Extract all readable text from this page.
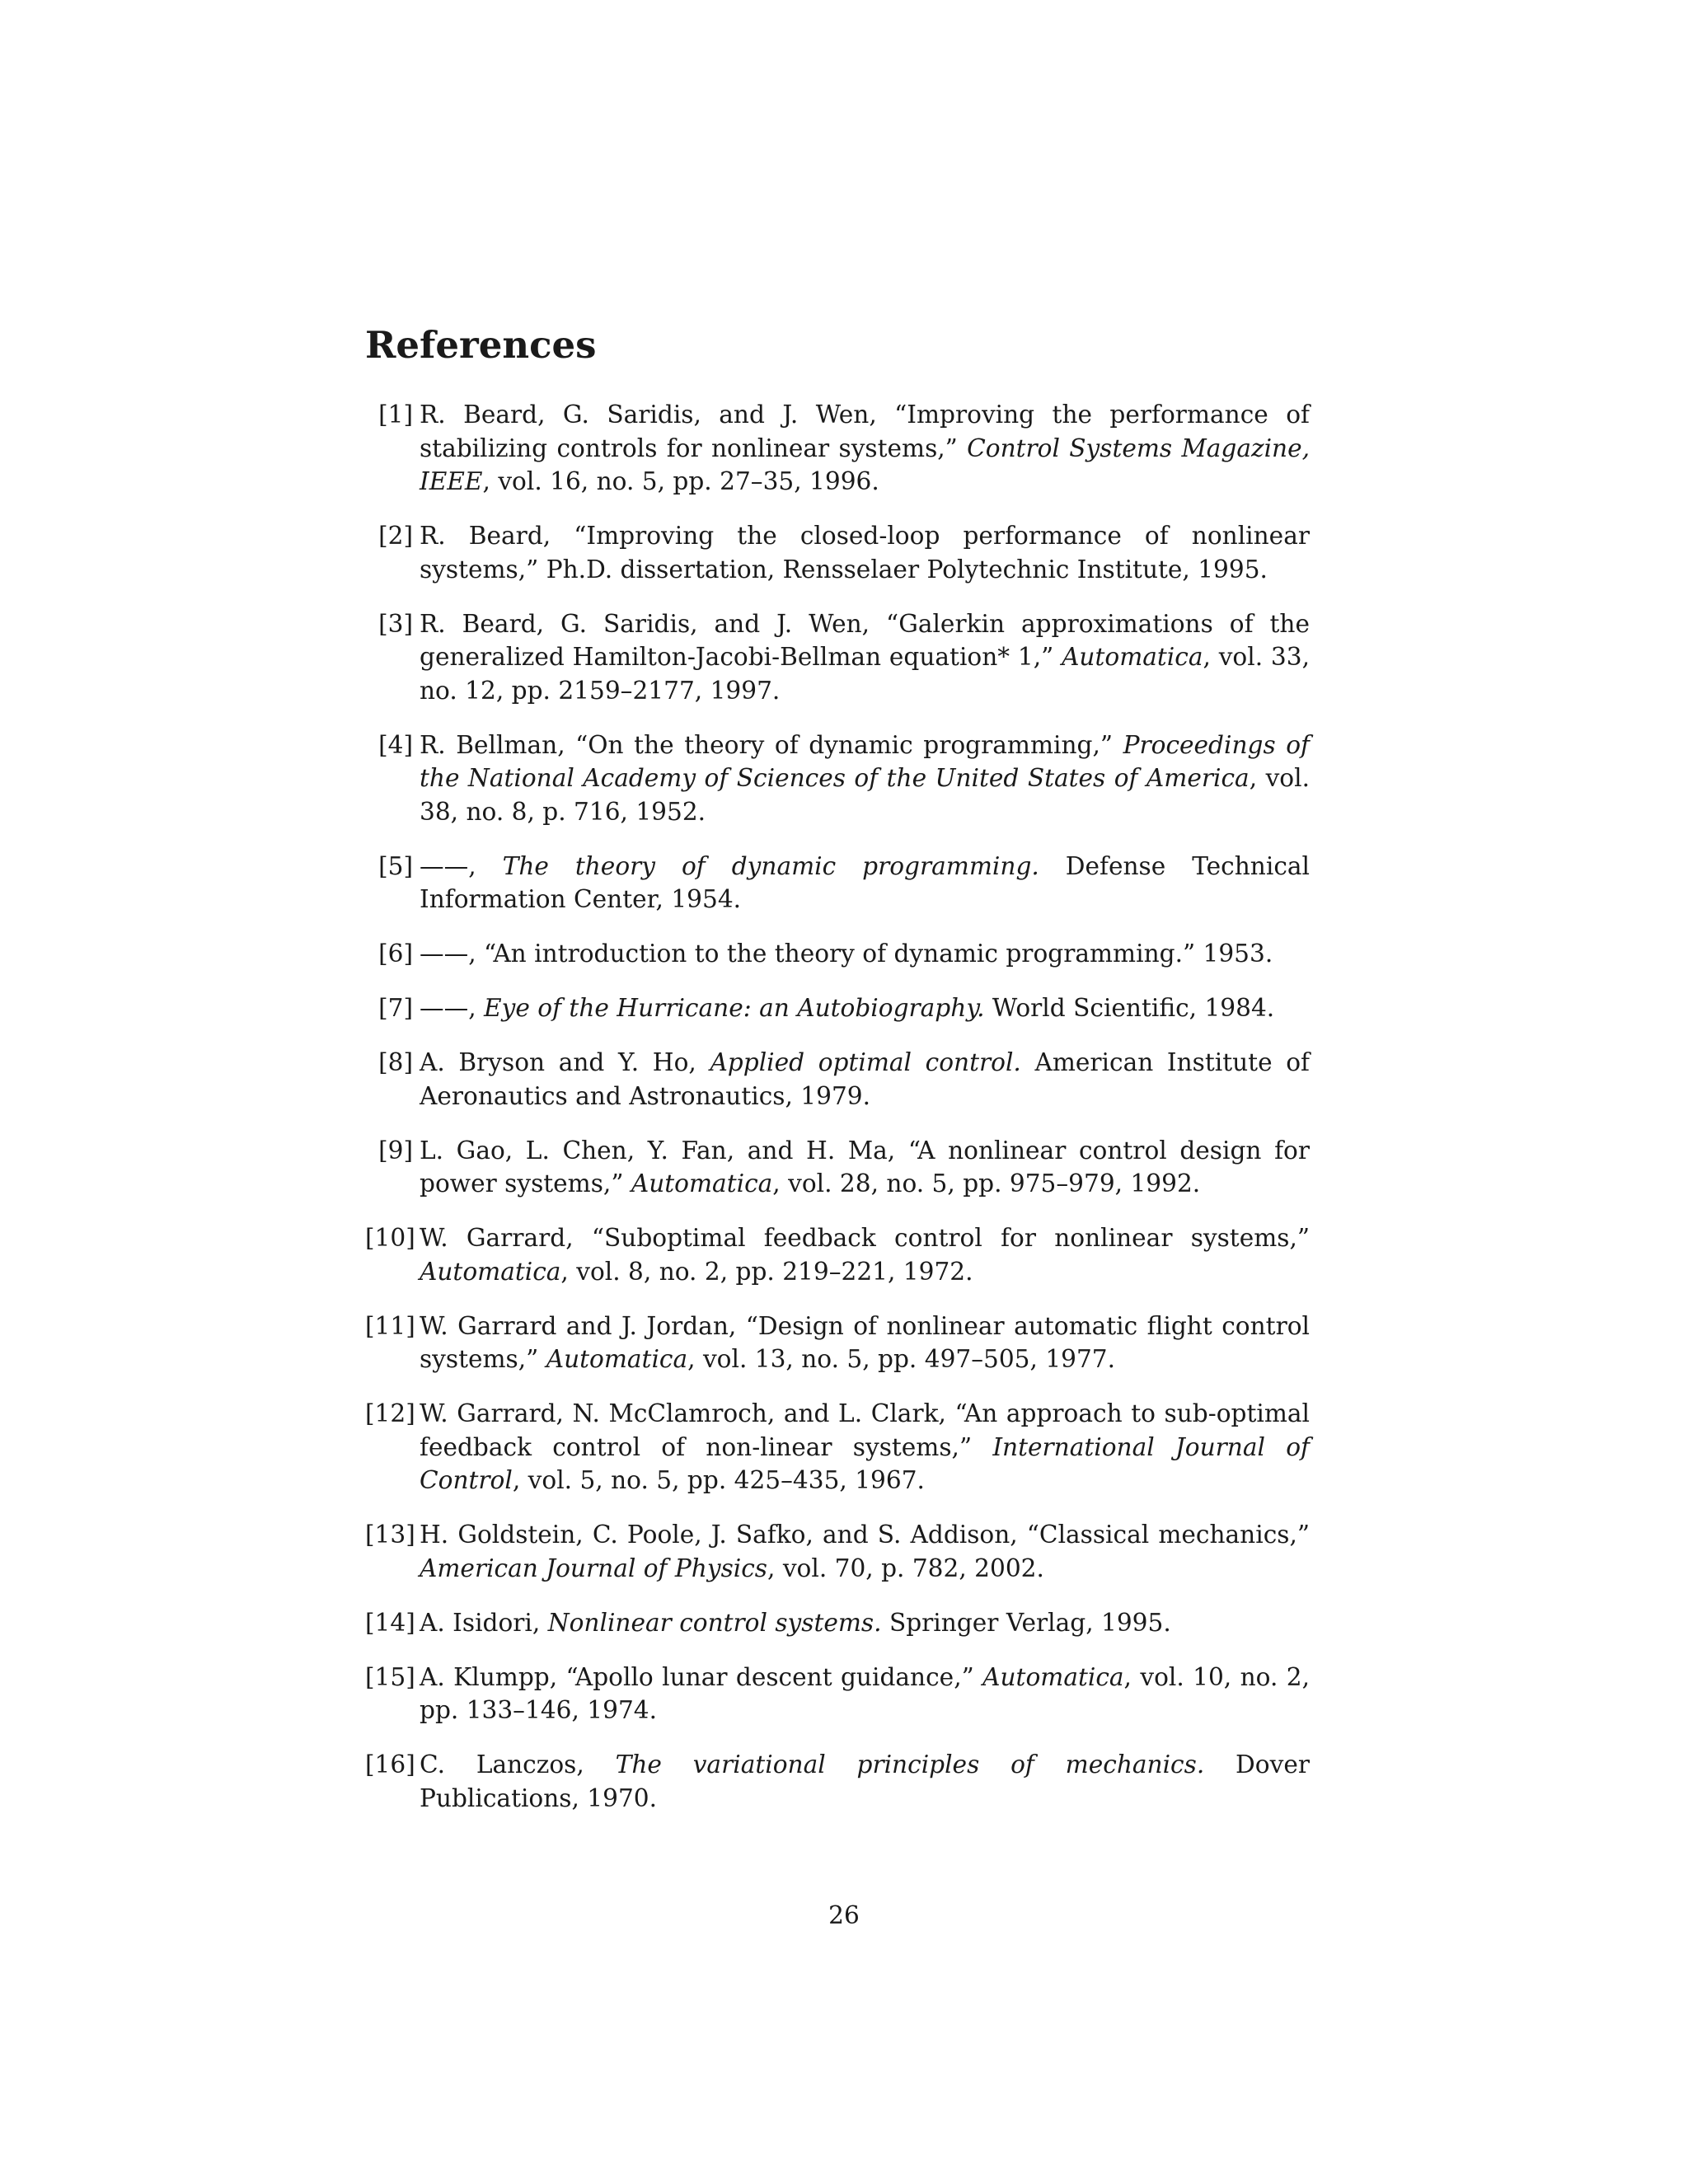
References
[1] R. Beard, G. Saridis, and J. Wen, “Improving the performance of stabilizing controls for nonlinear systems,” Control Systems Magazine, IEEE, vol. 16, no. 5, pp. 27–35, 1996.
[2] R. Beard, “Improving the closed-loop performance of nonlinear systems,” Ph.D. dissertation, Rensselaer Polytechnic Institute, 1995.
[3] R. Beard, G. Saridis, and J. Wen, “Galerkin approximations of the generalized Hamilton-Jacobi-Bellman equation* 1,” Automatica, vol. 33, no. 12, pp. 2159–2177, 1997.
[4] R. Bellman, “On the theory of dynamic programming,” Proceedings of the National Academy of Sciences of the United States of America, vol. 38, no. 8, p. 716, 1952.
[5] ——, The theory of dynamic programming. Defense Technical Information Center, 1954.
[6] ——, “An introduction to the theory of dynamic programming.” 1953.
[7] ——, Eye of the Hurricane: an Autobiography. World Scientific, 1984.
[8] A. Bryson and Y. Ho, Applied optimal control. American Institute of Aeronautics and Astronautics, 1979.
[9] L. Gao, L. Chen, Y. Fan, and H. Ma, “A nonlinear control design for power systems,” Automatica, vol. 28, no. 5, pp. 975–979, 1992.
[10] W. Garrard, “Suboptimal feedback control for nonlinear systems,” Automatica, vol. 8, no. 2, pp. 219–221, 1972.
[11] W. Garrard and J. Jordan, “Design of nonlinear automatic flight control systems,” Automatica, vol. 13, no. 5, pp. 497–505, 1977.
[12] W. Garrard, N. McClamroch, and L. Clark, “An approach to sub-optimal feedback control of non-linear systems,” International Journal of Control, vol. 5, no. 5, pp. 425–435, 1967.
[13] H. Goldstein, C. Poole, J. Safko, and S. Addison, “Classical mechanics,” American Journal of Physics, vol. 70, p. 782, 2002.
[14] A. Isidori, Nonlinear control systems. Springer Verlag, 1995.
[15] A. Klumpp, “Apollo lunar descent guidance,” Automatica, vol. 10, no. 2, pp. 133–146, 1974.
[16] C. Lanczos, The variational principles of mechanics. Dover Publications, 1970.
26
